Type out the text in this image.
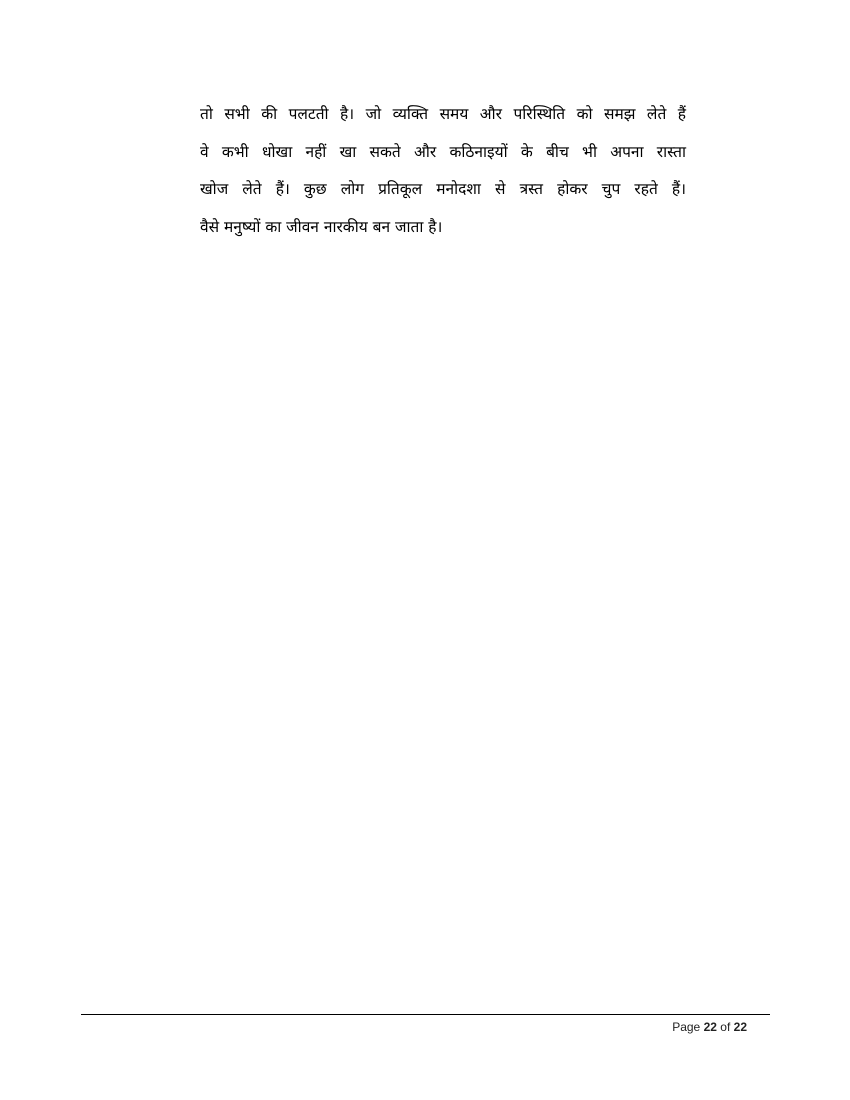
तो सभी की पलटती है। जो व्यक्ति समय और परिस्थिति को समझ लेते हैं
वे कभी धोखा नहीं खा सकते और कठिनाइयों के बीच भी अपना रास्ता
खोज लेते हैं। कुछ लोग प्रतिकूल मनोदशा से त्रस्त होकर चुप रहते हैं।
वैसे मनुष्यों का जीवन नारकीय बन जाता है।
Page 22 of 22
